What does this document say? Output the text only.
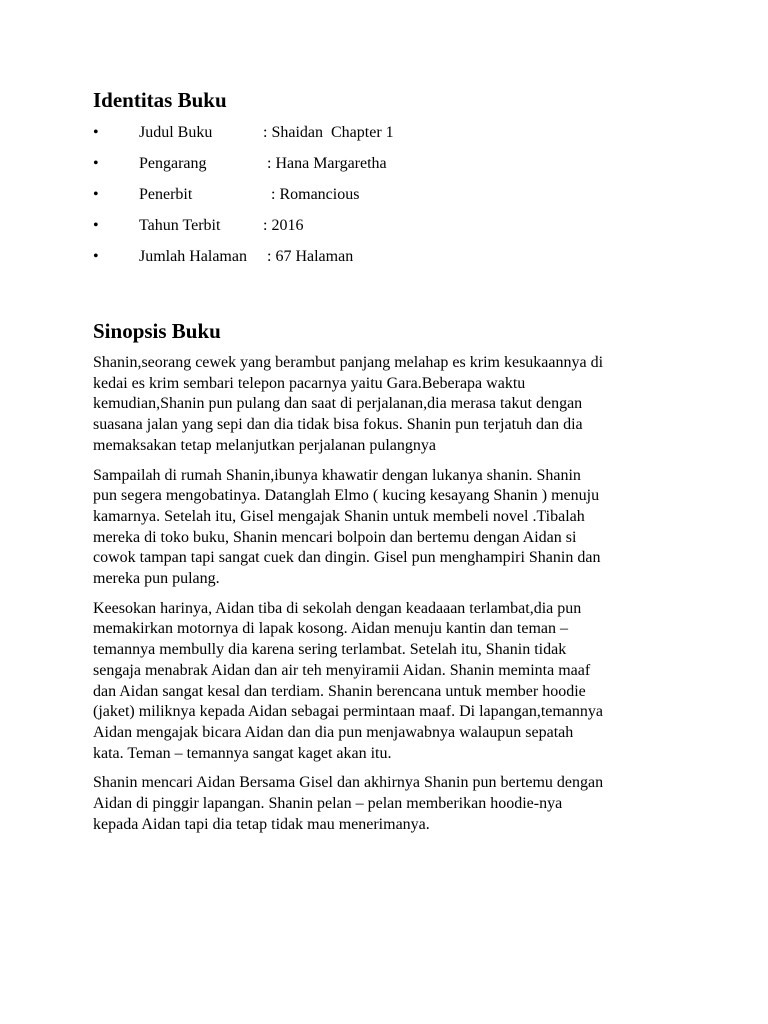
Identitas Buku
•	Judul Buku	: Shaidan  Chapter 1
•	Pengarang	: Hana Margaretha
•	Penerbit	: Romancious
•	Tahun Terbit	: 2016
•	Jumlah Halaman	: 67 Halaman
Sinopsis Buku

Shanin,seorang cewek yang berambut panjang melahap es krim kesukaannya di
kedai es krim sembari telepon pacarnya yaitu Gara.Beberapa waktu
kemudian,Shanin pun pulang dan saat di perjalanan,dia merasa takut dengan
suasana jalan yang sepi dan dia tidak bisa fokus. Shanin pun terjatuh dan dia
memaksakan tetap melanjutkan perjalanan pulangnya

Sampailah di rumah Shanin,ibunya khawatir dengan lukanya shanin. Shanin
pun segera mengobatinya. Datanglah Elmo ( kucing kesayang Shanin ) menuju
kamarnya. Setelah itu, Gisel mengajak Shanin untuk membeli novel .Tibalah
mereka di toko buku, Shanin mencari bolpoin dan bertemu dengan Aidan si
cowok tampan tapi sangat cuek dan dingin. Gisel pun menghampiri Shanin dan
mereka pun pulang.

Keesokan harinya, Aidan tiba di sekolah dengan keadaaan terlambat,dia pun
memakirkan motornya di lapak kosong. Aidan menuju kantin dan teman –
temannya membully dia karena sering terlambat. Setelah itu, Shanin tidak
sengaja menabrak Aidan dan air teh menyiramii Aidan. Shanin meminta maaf
dan Aidan sangat kesal dan terdiam. Shanin berencana untuk member hoodie
(jaket) miliknya kepada Aidan sebagai permintaan maaf. Di lapangan,temannya
Aidan mengajak bicara Aidan dan dia pun menjawabnya walaupun sepatah
kata. Teman – temannya sangat kaget akan itu.

Shanin mencari Aidan Bersama Gisel dan akhirnya Shanin pun bertemu dengan
Aidan di pinggir lapangan. Shanin pelan – pelan memberikan hoodie-nya
kepada Aidan tapi dia tetap tidak mau menerimanya.
